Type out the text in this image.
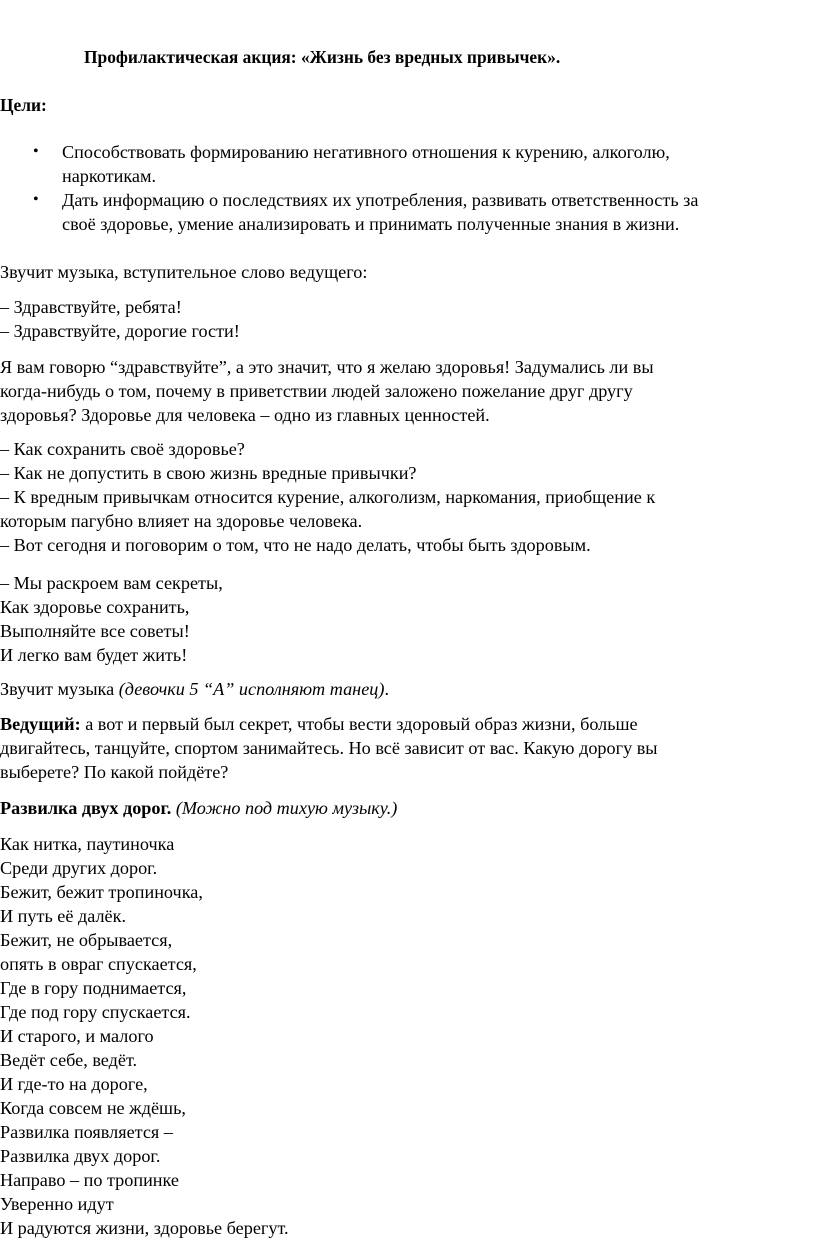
Профилактическая акция: «Жизнь без вредных привычек».
Цели:
• Способствовать формированию негативного отношения к курению, алкоголю,
наркотикам.
• Дать информацию о последствиях их употребления, развивать ответственность за
своё здоровье, умение анализировать и принимать полученные знания в жизни.
Звучит музыка, вступительное слово ведущего:
– Здравствуйте, ребята!
– Здравствуйте, дорогие гости!
Я вам говорю “здравствуйте”, а это значит, что я желаю здоровья! Задумались ли вы
когда-нибудь о том, почему в приветствии людей заложено пожелание друг другу
здоровья? Здоровье для человека – одно из главных ценностей.
– Как сохранить своё здоровье?
– Как не допустить в свою жизнь вредные привычки?
– К вредным привычкам относится курение, алкоголизм, наркомания, приобщение к
которым пагубно влияет на здоровье человека.
– Вот сегодня и поговорим о том, что не надо делать, чтобы быть здоровым.
– Мы раскроем вам секреты,
Как здоровье сохранить,
Выполняйте все советы!
И легко вам будет жить!
Звучит музыка (девочки 5 “А” исполняют танец).
Ведущий: а вот и первый был секрет, чтобы вести здоровый образ жизни, больше
двигайтесь, танцуйте, спортом занимайтесь. Но всё зависит от вас. Какую дорогу вы
выберете? По какой пойдёте?
Развилка двух дорог. (Можно под тихую музыку.)
Как нитка, паутиночка
Среди других дорог.
Бежит, бежит тропиночка,
И путь её далёк.
Бежит, не обрывается,
опять в овраг спускается,
Где в гору поднимается,
Где под гору спускается.
И старого, и малого
Ведёт себе, ведёт.
И где-то на дороге,
Когда совсем не ждёшь,
Развилка появляется –
Развилка двух дорог.
Направо – по тропинке
Уверенно идут
И радуются жизни, здоровье берегут.
